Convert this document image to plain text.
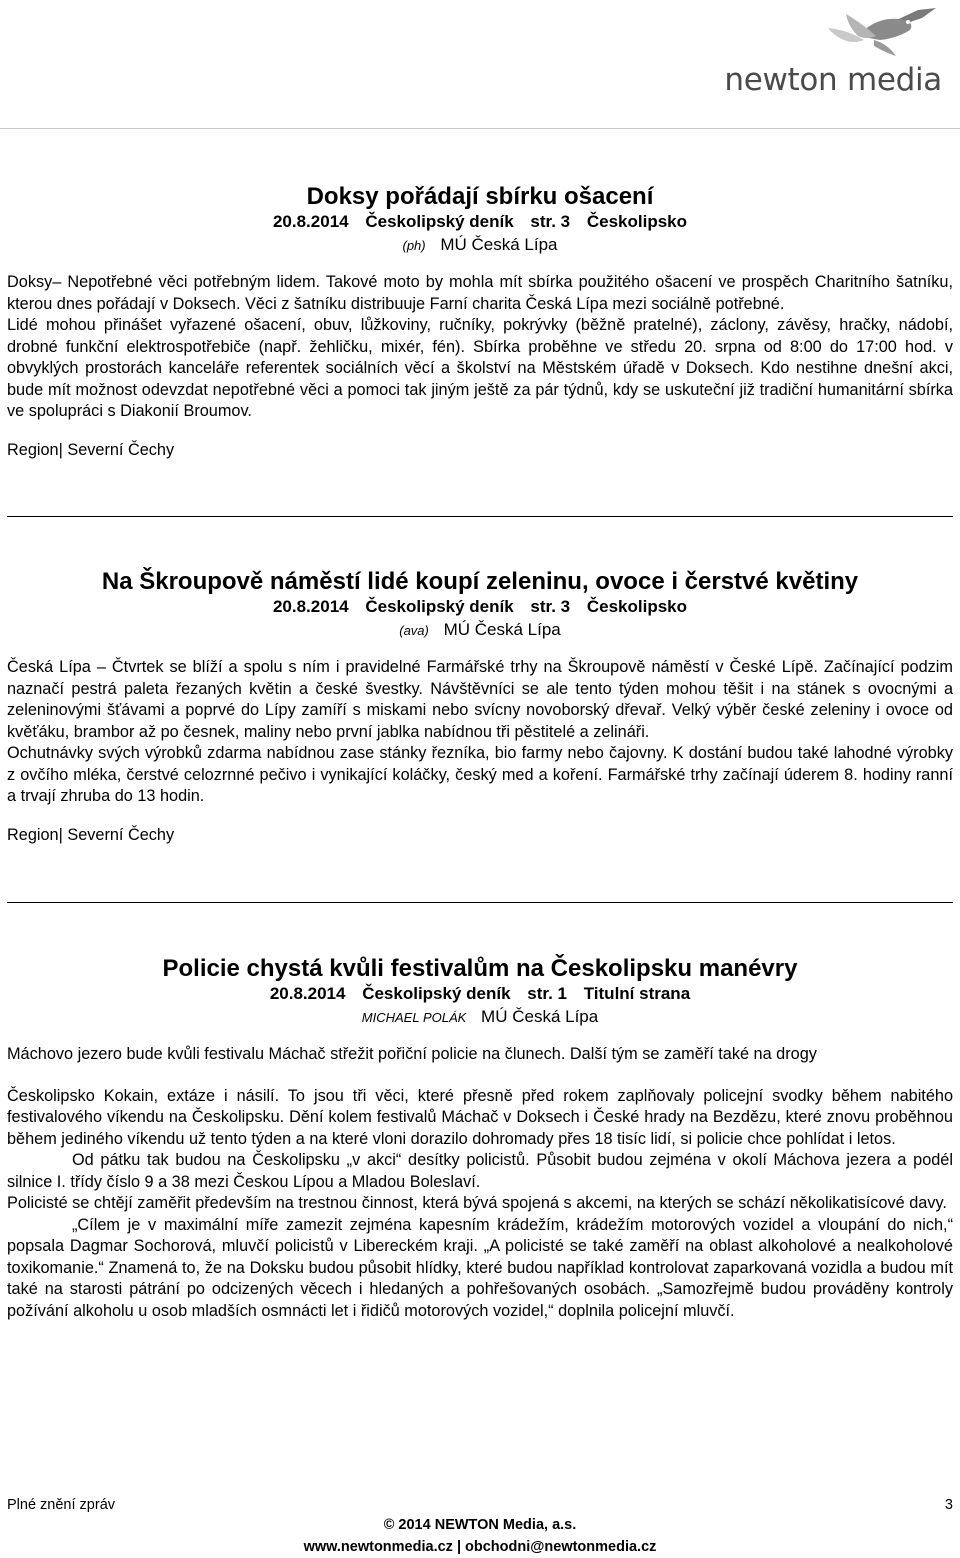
newton media
Doksy pořádají sbírku ošacení
20.8.2014 Českolipský deník str. 3 Českolipsko
(ph) MÚ Česká Lípa

Doksy– Nepotřebné věci potřebným lidem. Takové moto by mohla mít sbírka použitého ošacení ve prospěch Charitního šatníku, kterou dnes pořádají v Doksech. Věci z šatníku distribuuje Farní charita Česká Lípa mezi sociálně potřebné.

Lidé mohou přinášet vyřazené ošacení, obuv, lůžkoviny, ručníky, pokrývky (běžně pratelné), záclony, závěsy, hračky, nádobí, drobné funkční elektrospotřebiče (např. žehličku, mixér, fén). Sbírka proběhne ve středu 20. srpna od 8:00 do 17:00 hod. v obvyklých prostorách kanceláře referentek sociálních věcí a školství na Městském úřadě v Doksech. Kdo nestihne dnešní akci, bude mít možnost odevzdat nepotřebné věci a pomoci tak jiným ještě za pár týdnů, kdy se uskuteční již tradiční humanitární sbírka ve spolupráci s Diakonií Broumov.

Region| Severní Čechy
Na Škroupově náměstí lidé koupí zeleninu, ovoce i čerstvé květiny
20.8.2014 Českolipský deník str. 3 Českolipsko
(ava) MÚ Česká Lípa

Česká Lípa – Čtvrtek se blíží a spolu s ním i pravidelné Farmářské trhy na Škroupově náměstí v České Lípě. Začínající podzim naznačí pestrá paleta řezaných květin a české švestky. Návštěvníci se ale tento týden mohou těšit i na stánek s ovocnými a zeleninovými šťávami a poprvé do Lípy zamíří s miskami nebo svícny novoborský dřevař. Velký výběr české zeleniny i ovoce od kvěťáku, brambor až po česnek, maliny nebo první jablka nabídnou tři pěstitelé a zelináři.

Ochutnávky svých výrobků zdarma nabídnou zase stánky řezníka, bio farmy nebo čajovny. K dostání budou také lahodné výrobky z ovčího mléka, čerstvé celozrnné pečivo i vynikající koláčky, český med a koření. Farmářské trhy začínají úderem 8. hodiny ranní a trvají zhruba do 13 hodin.

Region| Severní Čechy
Policie chystá kvůli festivalům na Českolipsku manévry
20.8.2014 Českolipský deník str. 1 Titulní strana
MICHAEL POLÁK MÚ Česká Lípa

Máchovo jezero bude kvůli festivalu Máchač střežit pořiční policie na člunech. Další tým se zaměří také na drogy

Českolipsko Kokain, extáze i násilí. To jsou tři věci, které přesně před rokem zaplňovaly policejní svodky během nabitého festivalového víkendu na Českolipsku. Dění kolem festivalů Máchač v Doksech i České hrady na Bezdězu, které znovu proběhnou během jediného víkendu už tento týden a na které vloni dorazilo dohromady přes 18 tisíc lidí, si policie chce pohlídat i letos.

Od pátku tak budou na Českolipsku „v akci“ desítky policistů. Působit budou zejména v okolí Máchova jezera a podél silnice I. třídy číslo 9 a 38 mezi Českou Lípou a Mladou Boleslaví.

Policisté se chtějí zaměřit především na trestnou činnost, která bývá spojená s akcemi, na kterých se schází několikatisícové davy.

„Cílem je v maximální míře zamezit zejména kapesním krádežím, krádežím motorových vozidel a vloupání do nich,“ popsala Dagmar Sochorová, mluvčí policistů v Libereckém kraji. „A policisté se také zaměří na oblast alkoholové a nealkoholové toxikomanie.“ Znamená to, že na Doksku budou působit hlídky, které budou například kontrolovat zaparkovaná vozidla a budou mít také na starosti pátrání po odcizených věcech i hledaných a pohřešovaných osobách. „Samozřejmě budou prováděny kontroly požívání alkoholu u osob mladších osmnácti let i řidičů motorových vozidel,“ doplnila policejní mluvčí.

Plné znění zpráv	3
© 2014 NEWTON Media, a.s.
www.newtonmedia.cz | obchodni@newtonmedia.cz
